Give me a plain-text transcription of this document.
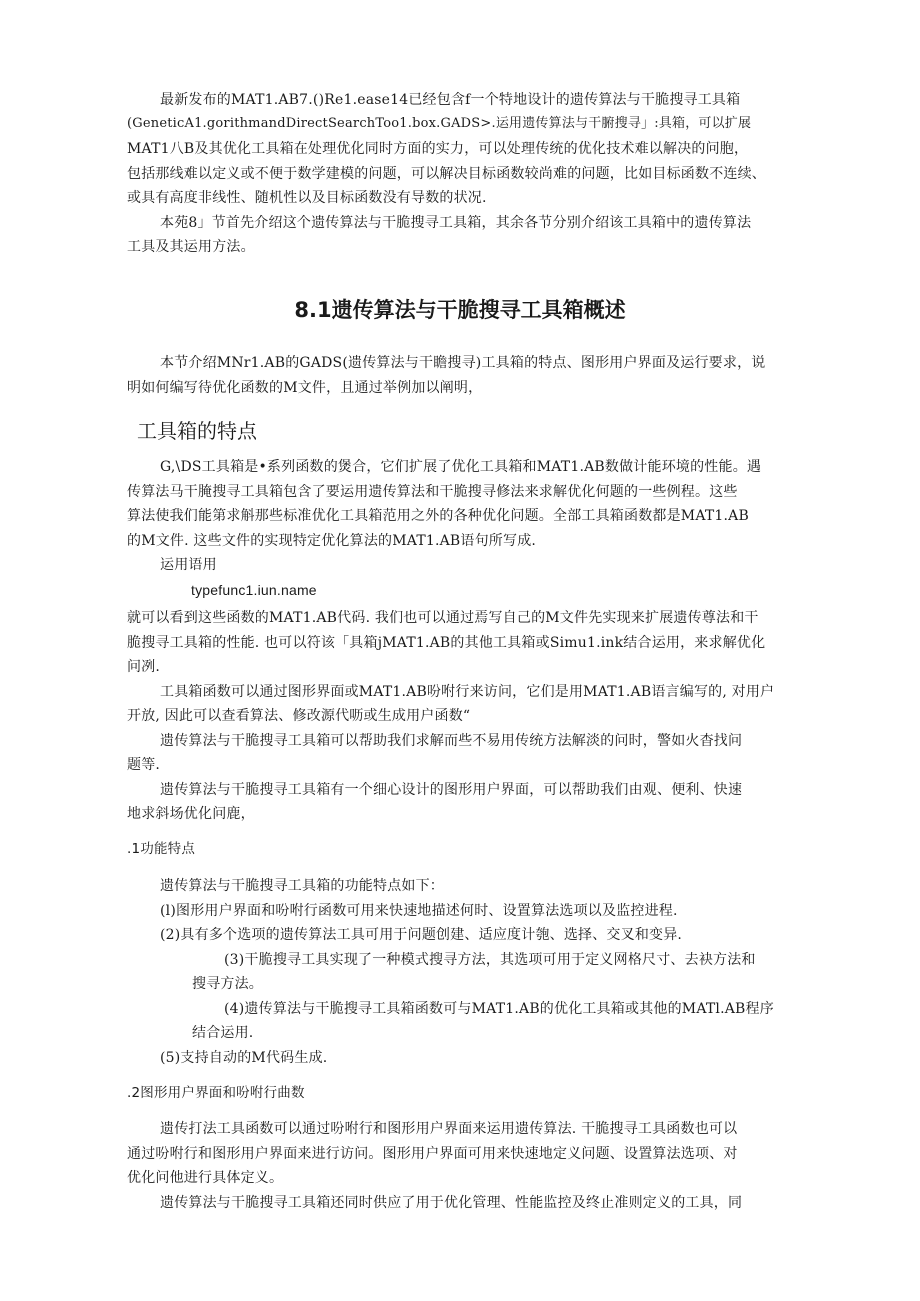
最新发布的MAT1.AB7.()Re1.ease14已经包含f一个特地设计的遗传算法与干脆搜寻工具箱
(GeneticA1.gorithmandDirectSearchToo1.box.GADS>.运用遗传算法与干腑搜寻」:具箱，可以扩展
MAT1八B及其优化工具箱在处理优化同时方面的实力，可以处理传统的优化技术难以解决的问胞，
包括那线难以定义或不便于数学建模的问题，可以解决目标函数较尚难的问题，比如目标函数不连续、
或具有高度非线性、随机性以及目标函数没有导数的状况.
本苑8」节首先介绍这个遗传算法与干脆搜寻工具箱，其余各节分别介绍该工具箱中的遗传算法
工具及其运用方法。
8.1遗传算法与干脆搜寻工具箱概述
本节介绍MNr1.AB的GADS(遗传算法与干瞻搜寻)工具箱的特点、图形用户界面及运行要求，说
明如何编写待优化函数的M文件，且通过举例加以阐明，
工具箱的特点
G,\DS工具箱是•系列函数的煲合，它们扩展了优化工具箱和MAT1.AB数做计能环境的性能。遇
传算法马干腌搜寻工具箱包含了要运用遗传算法和干脆搜寻修法来求解优化何题的一些例程。这些
算法使我们能第求斛那些标准优化工具箱范用之外的各种优化问题。全部工具箱函数都是MAT1.AB
的M文件. 这些文件的实现特定优化算法的MAT1.AB语句所写成.
运用语用
typefunc1.iun.name
就可以看到这些函数的MAT1.AB代码. 我们也可以通过焉写自己的M文件先实现来扩展遗传尊法和干
脆搜寻工具箱的性能. 也可以符该「具箱jMAT1.AB的其他工具箱或Simu1.ink结合运用，来求解优化
问冽.
工具箱函数可以通过图形界面或MAT1.AB吩咐行来访问，它们是用MAT1.AB语言编写的, 对用户
开放, 因此可以查看算法、修改源代呖或生成用户函数“
遗传算法与干脆搜寻工具箱可以帮助我们求解而些不易用传统方法解淡的问时，警如火杳找问
题等.
遗传算法与干脆搜寻工具箱有一个细心设计的图形用户界面，可以帮助我们由观、便利、快速
地求斜场优化问鹿，
.1功能特点
遗传算法与干脆搜寻工具箱的功能特点如下：
(l)图形用户界面和吩咐行函数可用来快速地描述何时、设置算法选项以及监控进程.
(2)具有多个选项的遗传算法工具可用于问题创建、适应度计匏、选择、交叉和变异.
(3)干脆搜寻工具实现了一种模式搜寻方法，其选项可用于定义网格尺寸、去袂方法和
搜寻方法。
(4)遗传算法与干脆搜寻工具箱函数可与MAT1.AB的优化工具箱或其他的MATl.AB程序
结合运用.
(5)支持自动的M代码生成.
.2图形用户界面和吩咐行曲数
遗传打法工具函数可以通过吩咐行和图形用户界面来运用遗传算法. 干脆搜寻工具函数也可以
通过吩咐行和图形用户界面来进行访问。图形用户界面可用来快速地定义问题、设置算法选项、对
优化问他进行具体定义。
遗传算法与干脆搜寻工具箱还同时供应了用于优化管理、性能监控及终止准则定义的工具，同
